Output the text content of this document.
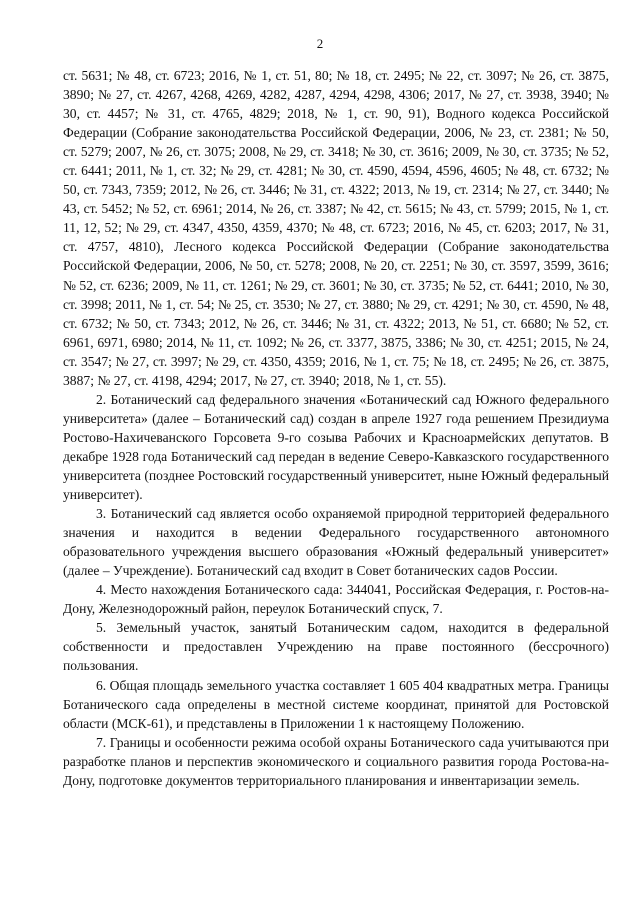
2

ст. 5631; № 48, ст. 6723; 2016, № 1, ст. 51, 80; № 18, ст. 2495; № 22, ст. 3097; № 26, ст. 3875, 3890; № 27, ст. 4267, 4268, 4269, 4282, 4287, 4294, 4298, 4306; 2017, № 27, ст. 3938, 3940; № 30, ст. 4457; № 31, ст. 4765, 4829; 2018, № 1, ст. 90, 91), Водного кодекса Российской Федерации (Собрание законодательства Российской Федерации, 2006, № 23, ст. 2381; № 50, ст. 5279; 2007, № 26, ст. 3075; 2008, № 29, ст. 3418; № 30, ст. 3616; 2009, № 30, ст. 3735; № 52, ст. 6441; 2011, № 1, ст. 32; № 29, ст. 4281; № 30, ст. 4590, 4594, 4596, 4605; № 48, ст. 6732; № 50, ст. 7343, 7359; 2012, № 26, ст. 3446; № 31, ст. 4322; 2013, № 19, ст. 2314; № 27, ст. 3440; № 43, ст. 5452; № 52, ст. 6961; 2014, № 26, ст. 3387; № 42, ст. 5615; № 43, ст. 5799; 2015, № 1, ст. 11, 12, 52; № 29, ст. 4347, 4350, 4359, 4370; № 48, ст. 6723; 2016, № 45, ст. 6203; 2017, № 31, ст. 4757, 4810), Лесного кодекса Российской Федерации (Собрание законодательства Российской Федерации, 2006, № 50, ст. 5278; 2008, № 20, ст. 2251; № 30, ст. 3597, 3599, 3616; № 52, ст. 6236; 2009, № 11, ст. 1261; № 29, ст. 3601; № 30, ст. 3735; № 52, ст. 6441; 2010, № 30, ст. 3998; 2011, № 1, ст. 54; № 25, ст. 3530; № 27, ст. 3880; № 29, ст. 4291; № 30, ст. 4590, № 48, ст. 6732; № 50, ст. 7343; 2012, № 26, ст. 3446; № 31, ст. 4322; 2013, № 51, ст. 6680; № 52, ст. 6961, 6971, 6980; 2014, № 11, ст. 1092; № 26, ст. 3377, 3875, 3386; № 30, ст. 4251; 2015, № 24, ст. 3547; № 27, ст. 3997; № 29, ст. 4350, 4359; 2016, № 1, ст. 75; № 18, ст. 2495; № 26, ст. 3875, 3887; № 27, ст. 4198, 4294; 2017, № 27, ст. 3940; 2018, № 1, ст. 55).

2. Ботанический сад федерального значения «Ботанический сад Южного федерального университета» (далее – Ботанический сад) создан в апреле 1927 года решением Президиума Ростово-Нахичеванского Горсовета 9-го созыва Рабочих и Красноармейских депутатов. В декабре 1928 года Ботанический сад передан в ведение Северо-Кавказского государственного университета (позднее Ростовский государственный университет, ныне Южный федеральный университет).

3. Ботанический сад является особо охраняемой природной территорией федерального значения и находится в ведении Федерального государственного автономного образовательного учреждения высшего образования «Южный федеральный университет» (далее – Учреждение). Ботанический сад входит в Совет ботанических садов России.

4. Место нахождения Ботанического сада: 344041, Российская Федерация, г. Ростов-на-Дону, Железнодорожный район, переулок Ботанический спуск, 7.

5. Земельный участок, занятый Ботаническим садом, находится в федеральной собственности и предоставлен Учреждению на праве постоянного (бессрочного) пользования.

6. Общая площадь земельного участка составляет 1 605 404 квадратных метра. Границы Ботанического сада определены в местной системе координат, принятой для Ростовской области (МСК-61), и представлены в Приложении 1 к настоящему Положению.

7. Границы и особенности режима особой охраны Ботанического сада учитываются при разработке планов и перспектив экономического и социального развития города Ростова-на-Дону, подготовке документов территориального планирования и инвентаризации земель.
